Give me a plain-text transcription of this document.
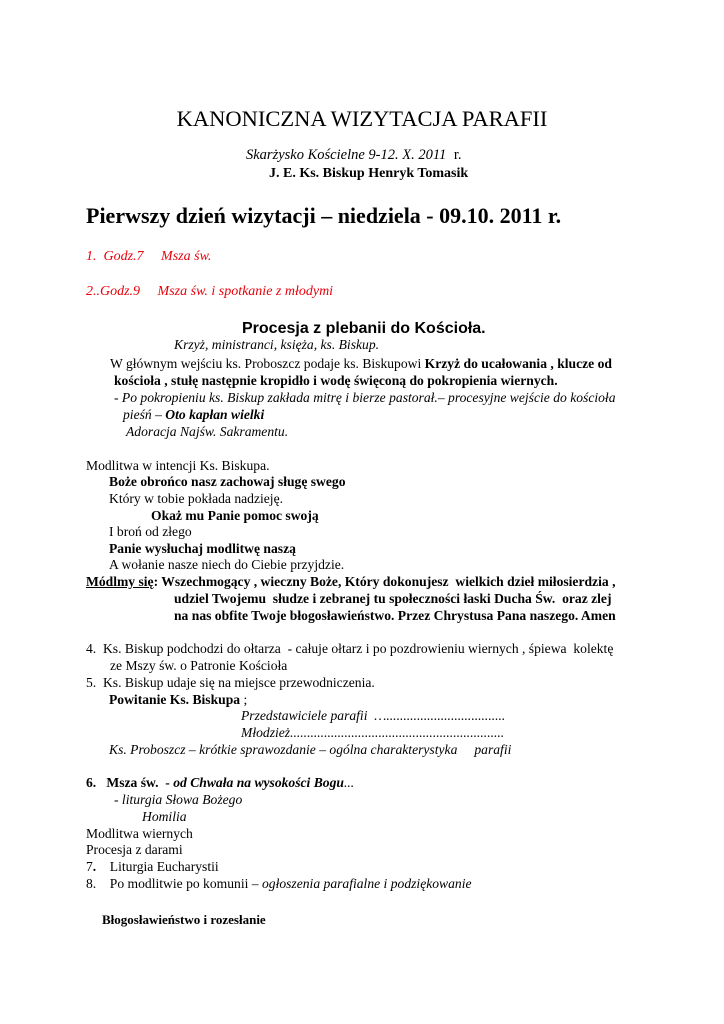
KANONICZNA WIZYTACJA PARAFII
Skarżysko Kościelne 9-12. X. 2011 r.
J. E. Ks. Biskup Henryk Tomasik
Pierwszy dzień wizytacji – niedziela - 09.10. 2011 r.
1.  Godz.7     Msza św.
2..Godz.9     Msza św. i spotkanie z młodymi
Procesja z plebanii do Kościoła.
Krzyż, ministranci, księża, ks. Biskup.
W głównym wejściu ks. Proboszcz podaje ks. Biskupowi Krzyż do ucałowania , klucze od
kościoła , stułę następnie kropidło i wodę święconą do pokropienia wiernych.
- Po pokropieniu ks. Biskup zakłada mitrę i bierze pastorał.– procesyjne wejście do kościoła
pieśń – Oto kapłan wielki
Adoracja Najśw. Sakramentu.
Modlitwa w intencji Ks. Biskupa.
Boże obrońco nasz zachowaj sługę swego
Który w tobie pokłada nadzieję.
Okaż mu Panie pomoc swoją
I broń od złego
Panie wysłuchaj modlitwę naszą
A wołanie nasze niech do Ciebie przyjdzie.
Módlmy się: Wszechmogący , wieczny Boże, Który dokonujesz  wielkich dzieł miłosierdzia ,
udziel Twojemu  słudze i zebranej tu społeczności łaski Ducha Św.  oraz zlej
na nas obfite Twoje błogosławieństwo. Przez Chrystusa Pana naszego. Amen
4.  Ks. Biskup podchodzi do ołtarza  - całuje ołtarz i po pozdrowieniu wiernych , śpiewa  kolektę
ze Mszy św. o Patronie Kościoła
5.  Ks. Biskup udaje się na miejsce przewodniczenia.
Powitanie Ks. Biskupa ;
Przedstawiciele parafii  …...................................
Młodzież...............................................................
Ks. Proboszcz – krótkie sprawozdanie – ogólna charakterystyka     parafii
6.   Msza św.  - od Chwała na wysokości Bogu...
- liturgia Słowa Bożego
Homilia
Modlitwa wiernych
Procesja z darami
7.    Liturgia Eucharystii
8.    Po modlitwie po komunii – ogłoszenia parafialne i podziękowanie
Błogosławieństwo i rozesłanie
